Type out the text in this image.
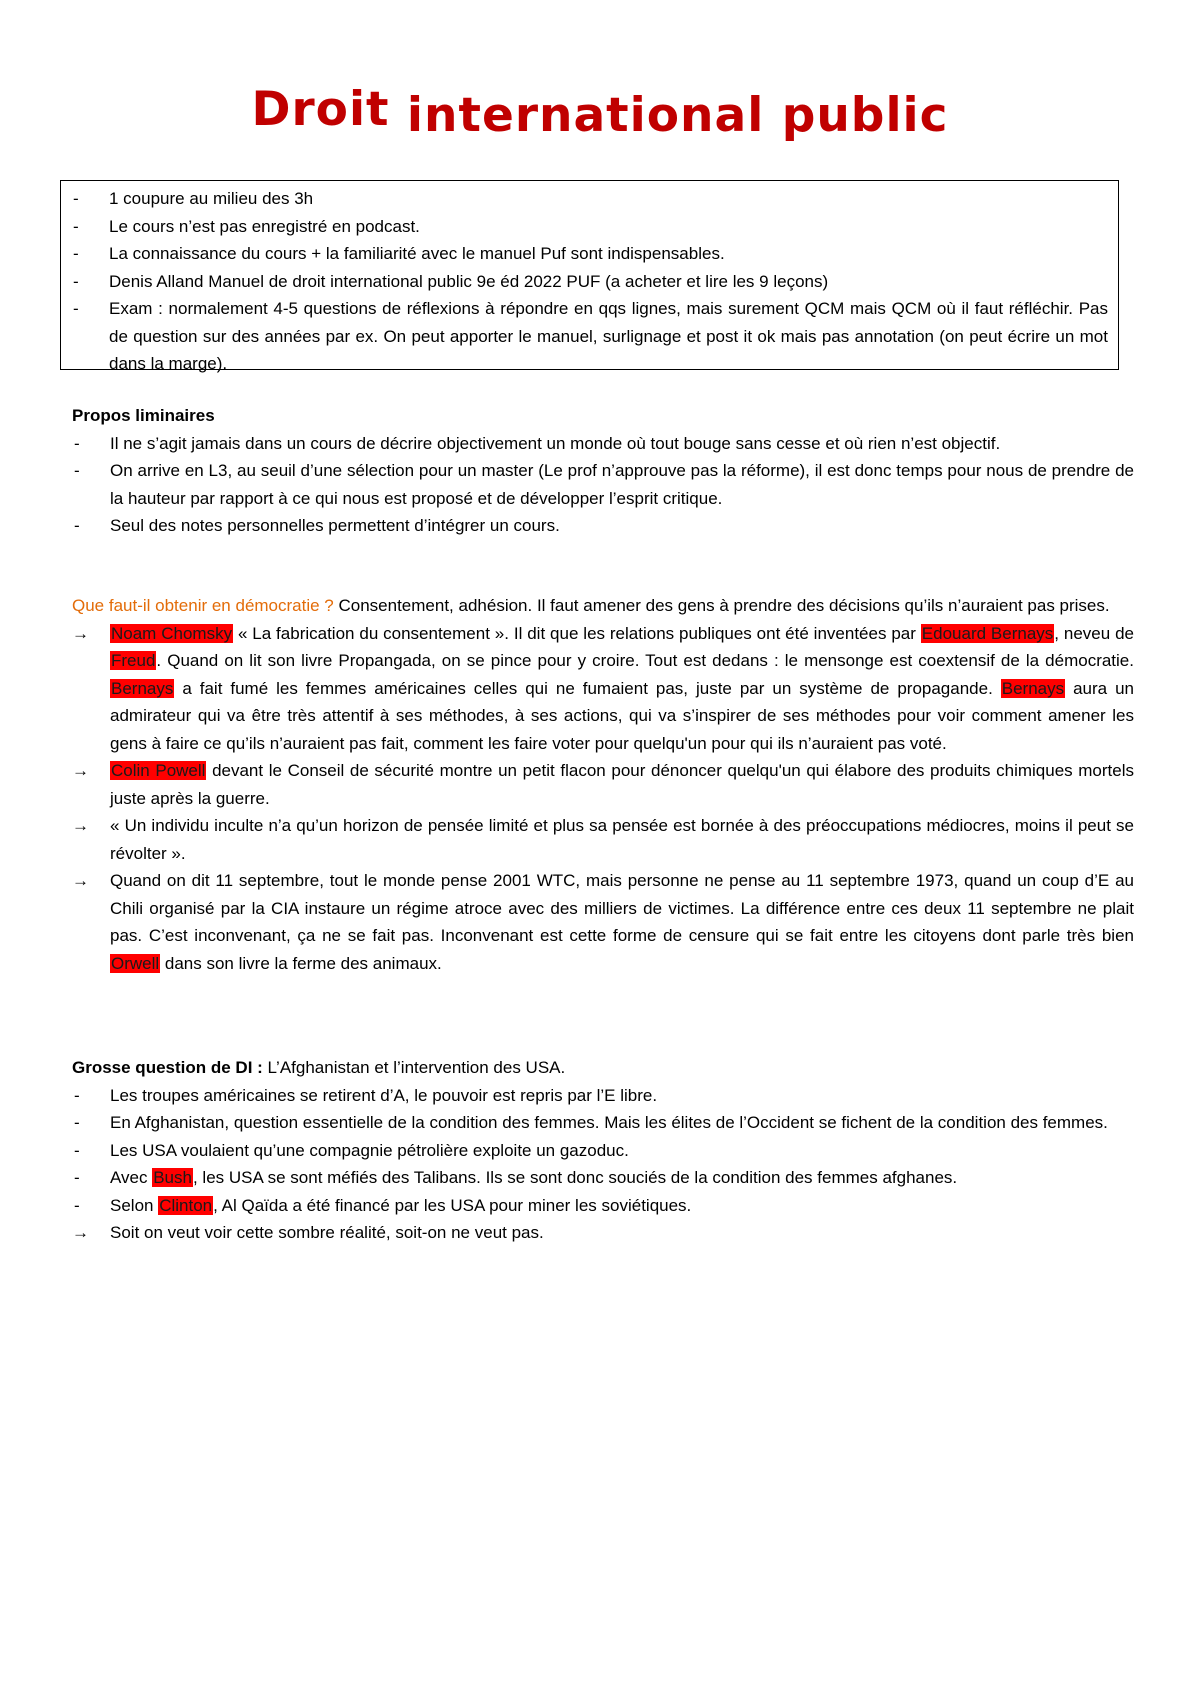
Droit international public
- 1 coupure au milieu des 3h
- Le cours n’est pas enregistré en podcast.
- La connaissance du cours + la familiarité avec le manuel Puf sont indispensables.
- Denis Alland Manuel de droit international public 9e éd 2022 PUF (a acheter et lire les 9 leçons)
- Exam : normalement 4-5 questions de réflexions à répondre en qqs lignes, mais surement QCM mais QCM où il faut réfléchir. Pas de question sur des années par ex. On peut apporter le manuel, surlignage et post it ok mais pas annotation (on peut écrire un mot dans la marge).

Propos liminaires

- Il ne s’agit jamais dans un cours de décrire objectivement un monde où tout bouge sans cesse et où rien n’est objectif.
- On arrive en L3, au seuil d’une sélection pour un master (Le prof n’approuve pas la réforme), il est donc temps pour nous de prendre de la hauteur par rapport à ce qui nous est proposé et de développer l’esprit critique.
- Seul des notes personnelles permettent d’intégrer un cours.

Que faut-il obtenir en démocratie ? Consentement, adhésion. Il faut amener des gens à prendre des décisions qu’ils n’auraient pas prises.

→ Noam Chomsky « La fabrication du consentement ». Il dit que les relations publiques ont été inventées par Edouard Bernays, neveu de Freud. Quand on lit son livre Propangada, on se pince pour y croire. Tout est dedans : le mensonge est coextensif de la démocratie. Bernays a fait fumé les femmes américaines celles qui ne fumaient pas, juste par un système de propagande. Bernays aura un admirateur qui va être très attentif à ses méthodes, à ses actions, qui va s’inspirer de ses méthodes pour voir comment amener les gens à faire ce qu’ils n’auraient pas fait, comment les faire voter pour quelqu'un pour qui ils n’auraient pas voté.
→ Colin Powell devant le Conseil de sécurité montre un petit flacon pour dénoncer quelqu'un qui élabore des produits chimiques mortels juste après la guerre.
→ « Un individu inculte n’a qu’un horizon de pensée limité et plus sa pensée est bornée à des préoccupations médiocres, moins il peut se révolter ».
→ Quand on dit 11 septembre, tout le monde pense 2001 WTC, mais personne ne pense au 11 septembre 1973, quand un coup d’E au Chili organisé par la CIA instaure un régime atroce avec des milliers de victimes. La différence entre ces deux 11 septembre ne plait pas. C’est inconvenant, ça ne se fait pas. Inconvenant est cette forme de censure qui se fait entre les citoyens dont parle très bien Orwell dans son livre la ferme des animaux.

Grosse question de DI : L’Afghanistan et l’intervention des USA.

- Les troupes américaines se retirent d’A, le pouvoir est repris par l’E libre.
- En Afghanistan, question essentielle de la condition des femmes. Mais les élites de l’Occident se fichent de la condition des femmes.
- Les USA voulaient qu’une compagnie pétrolière exploite un gazoduc.
- Avec Bush, les USA se sont méfiés des Talibans. Ils se sont donc souciés de la condition des femmes afghanes.
- Selon Clinton, Al Qaïda a été financé par les USA pour miner les soviétiques.
→ Soit on veut voir cette sombre réalité, soit-on ne veut pas.
